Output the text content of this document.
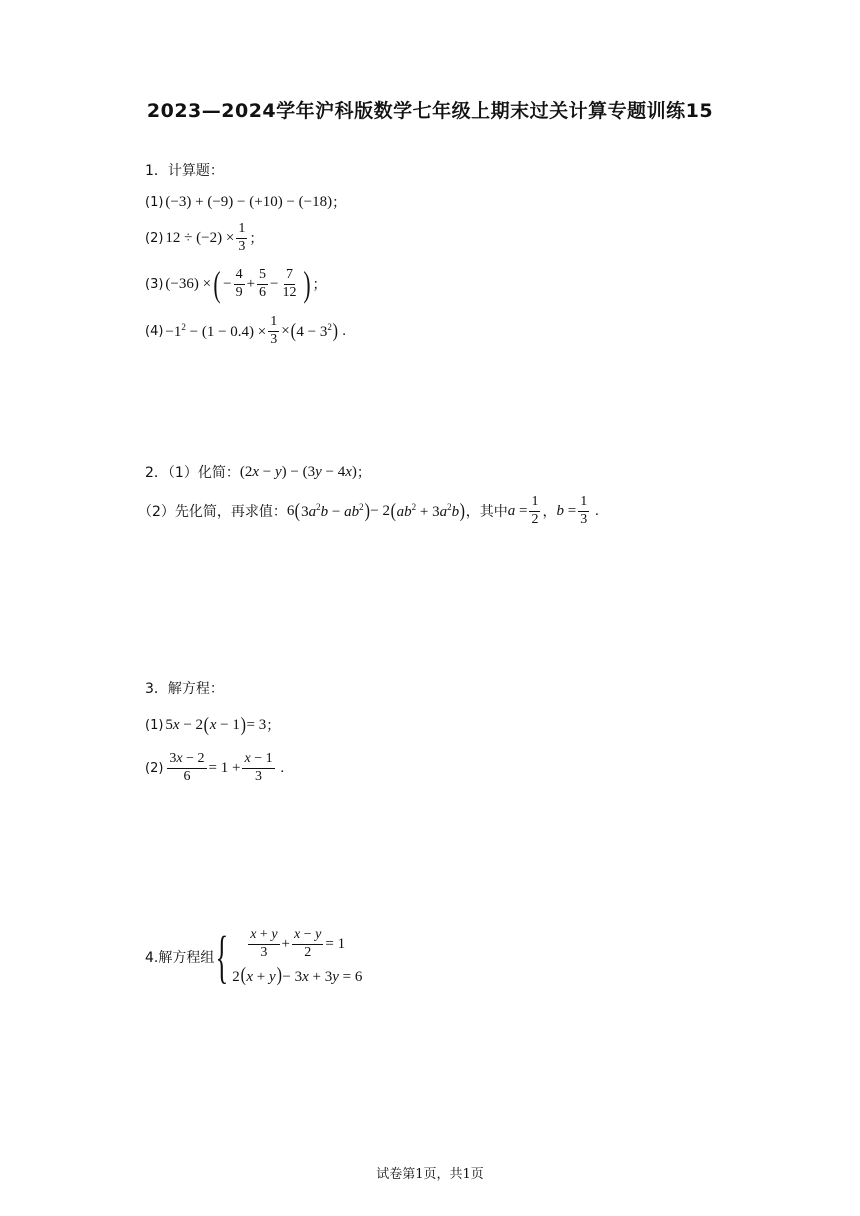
2023—2024学年沪科版数学七年级上期末过关计算专题训练15
1．计算题：
(1) (−3) + (−9) − (+10) − (−18) ；
(2) $12 \div (-2) \times \frac{1}{3}$ ；
(3) (−36) × ( − $\frac{4}{9} + \frac{5}{6} - \frac{7}{12}$ ) ；
$(4) -1^2 - (1 - 0.4) \times \frac{1}{3}$ × ( $4 - 3^2$ ) .
2．（1）化简： (2x − y) − (3y − 4x) ；
（2）先化简，再求值： 6 ( $3a^2b - ab^2$ ) − 2 ( $ab^2 + 3a^2b$ ) ，其中 $a = \frac{1}{2}$ ， $b = \frac{1}{3}$ .
3．解方程：
(1) 5x − 2 ( x − 1 ) = 3 ；
$(2) \frac{3x - 2}{6} = 1 + \frac{x - 1}{3}$ .
4.解方程组 { $\frac{x + y}{3} + \frac{x - y}{2} = 1$
2(x + y)− 3x + 3y = 6
试卷第1页，共1页
